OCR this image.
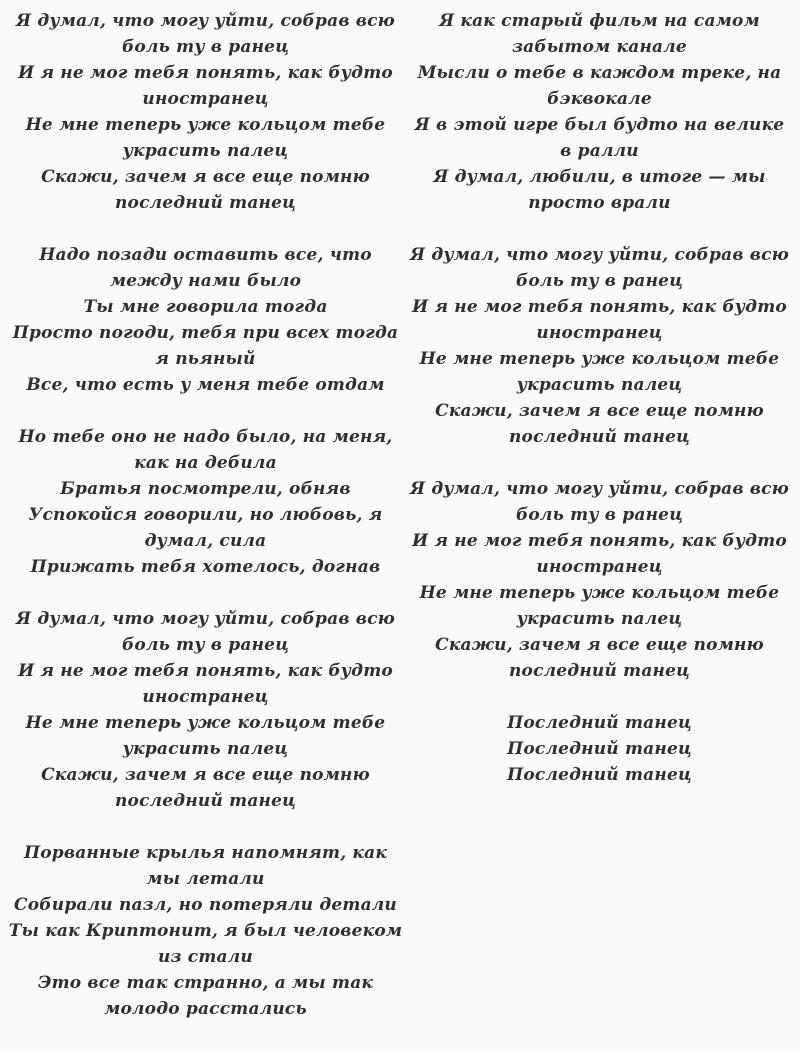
Я думал, что могу уйти, собрав всю боль ту в ранец
И я не мог тебя понять, как будто иностранец
Не мне теперь уже кольцом тебе украсить палец
Скажи, зачем я все еще помню последний танец
Надо позади оставить все, что между нами было
Ты мне говорила тогда
Просто погоди, тебя при всех тогда я пьяный
Все, что есть у меня тебе отдам
Но тебе оно не надо было, на меня, как на дебила
Братья посмотрели, обняв
Успокойся говорили, но любовь, я думал, сила
Прижать тебя хотелось, догнав
Я думал, что могу уйти, собрав всю боль ту в ранец
И я не мог тебя понять, как будто иностранец
Не мне теперь уже кольцом тебе украсить палец
Скажи, зачем я все еще помню последний танец
Порванные крылья напомнят, как мы летали
Собирали пазл, но потеряли детали
Ты как Криптонит, я был человеком из стали
Это все так странно, а мы так молодо расстались
Я как старый фильм на самом забытом канале
Мысли о тебе в каждом треке, на бэквокале
Я в этой игре был будто на велике в ралли
Я думал, любили, в итоге — мы просто врали
Я думал, что могу уйти, собрав всю боль ту в ранец
И я не мог тебя понять, как будто иностранец
Не мне теперь уже кольцом тебе украсить палец
Скажи, зачем я все еще помню последний танец
Я думал, что могу уйти, собрав всю боль ту в ранец
И я не мог тебя понять, как будто иностранец
Не мне теперь уже кольцом тебе украсить палец
Скажи, зачем я все еще помню последний танец
Последний танец
Последний танец
Последний танец
